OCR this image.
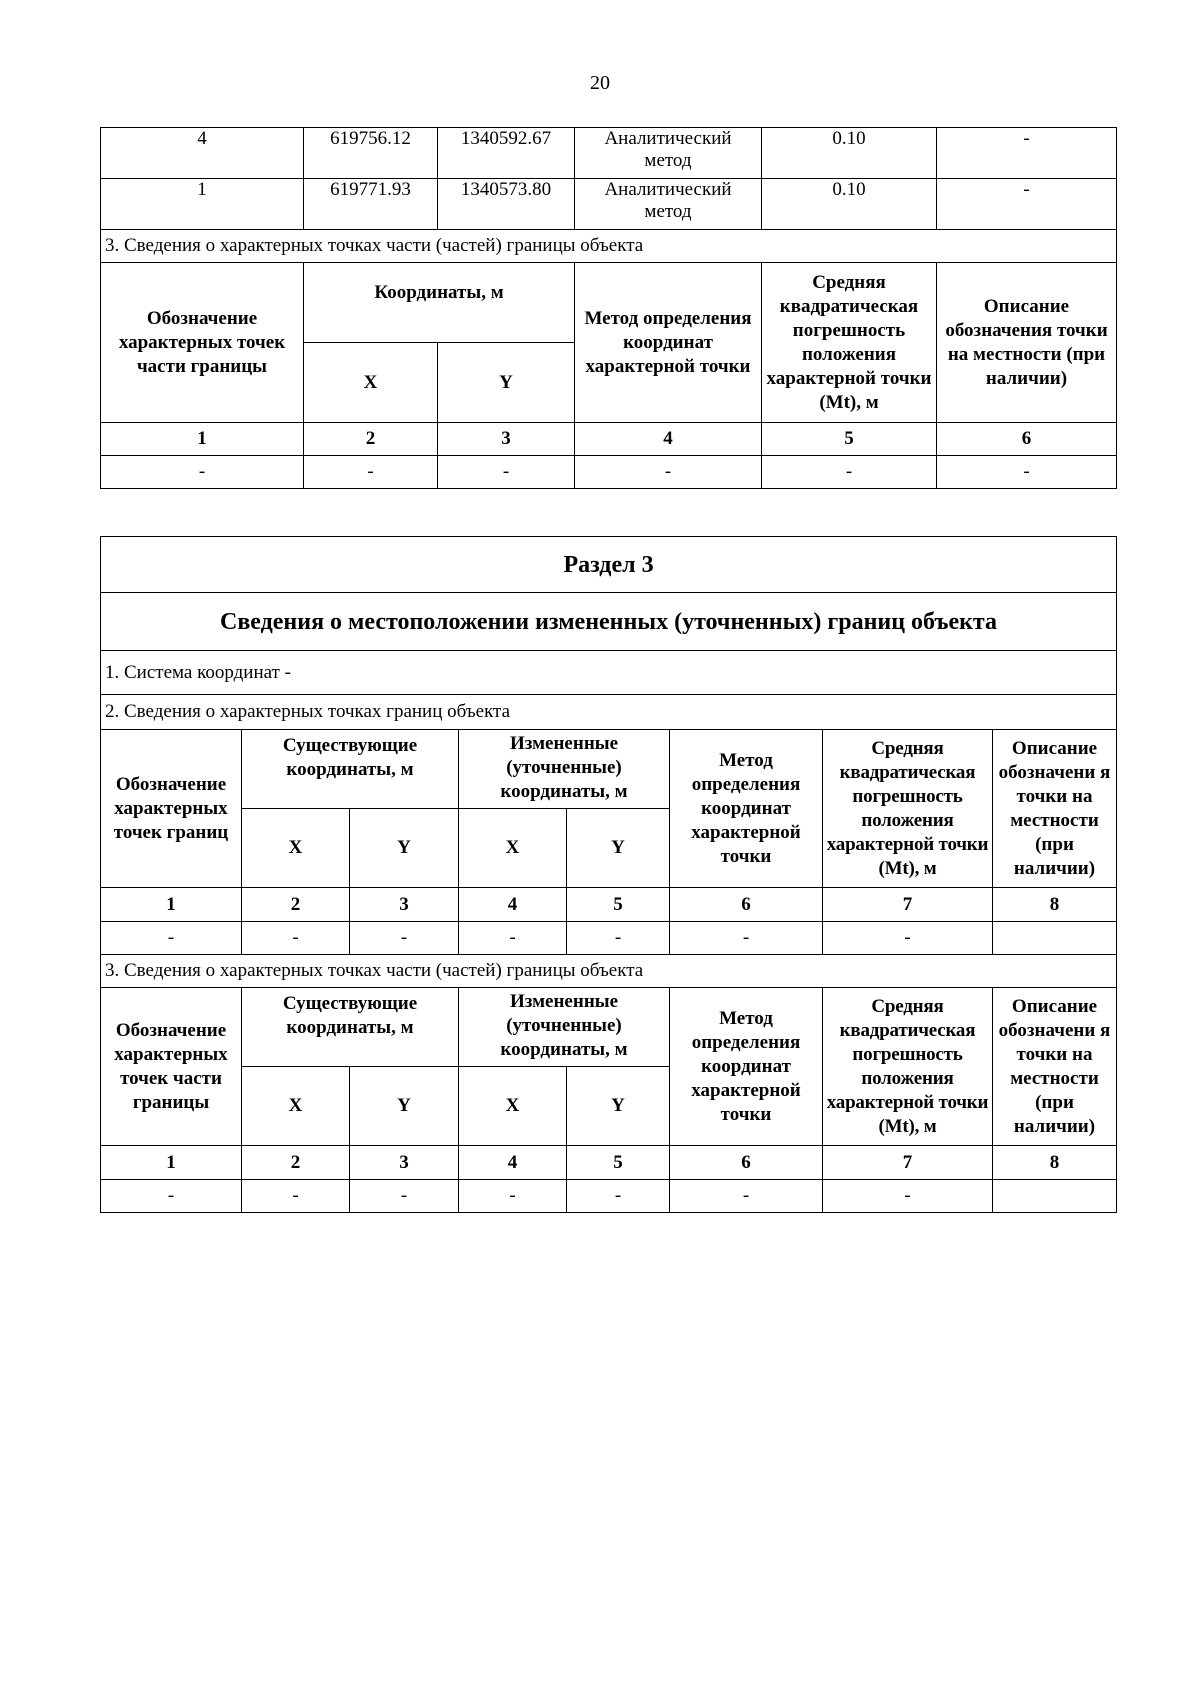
20
4	619756.12	1340592.67	Аналитический метод	0.10	-
1	619771.93	1340573.80	Аналитический метод	0.10	-
3. Сведения о характерных точках части (частей) границы объекта					
Обозначение характерных точек части границы	Координаты, м		Метод определения координат характерной точки	Средняя квадратическая погрешность положения характерной точки (Mt), м	Описание обозначения точки на местности (при наличии)
	X	Y			
1	2	3	4	5	6
-	-	-	-	-	-
Раздел 3							
Сведения о местоположении измененных (уточненных) границ объекта							
1. Система координат -							
2. Сведения о характерных точках границ объекта							
Обозначение характерных точек границ	Существующие координаты, м		Измененные (уточненные) координаты, м		Метод определения координат характерной точки	Средняя квадратическая погрешность положения характерной точки (Mt), м	Описание обозначени я точки на местности (при наличии)
	X	Y	X	Y			
1	2	3	4	5	6	7	8
-	-	-	-	-	-	-	
3. Сведения о характерных точках части (частей) границы объекта							
Обозначение характерных точек части границы	Существующие координаты, м		Измененные (уточненные) координаты, м		Метод определения координат характерной точки	Средняя квадратическая погрешность положения характерной точки (Mt), м	Описание обозначени я точки на местности (при наличии)
	X	Y	X	Y			
1	2	3	4	5	6	7	8
-	-	-	-	-	-	-	
